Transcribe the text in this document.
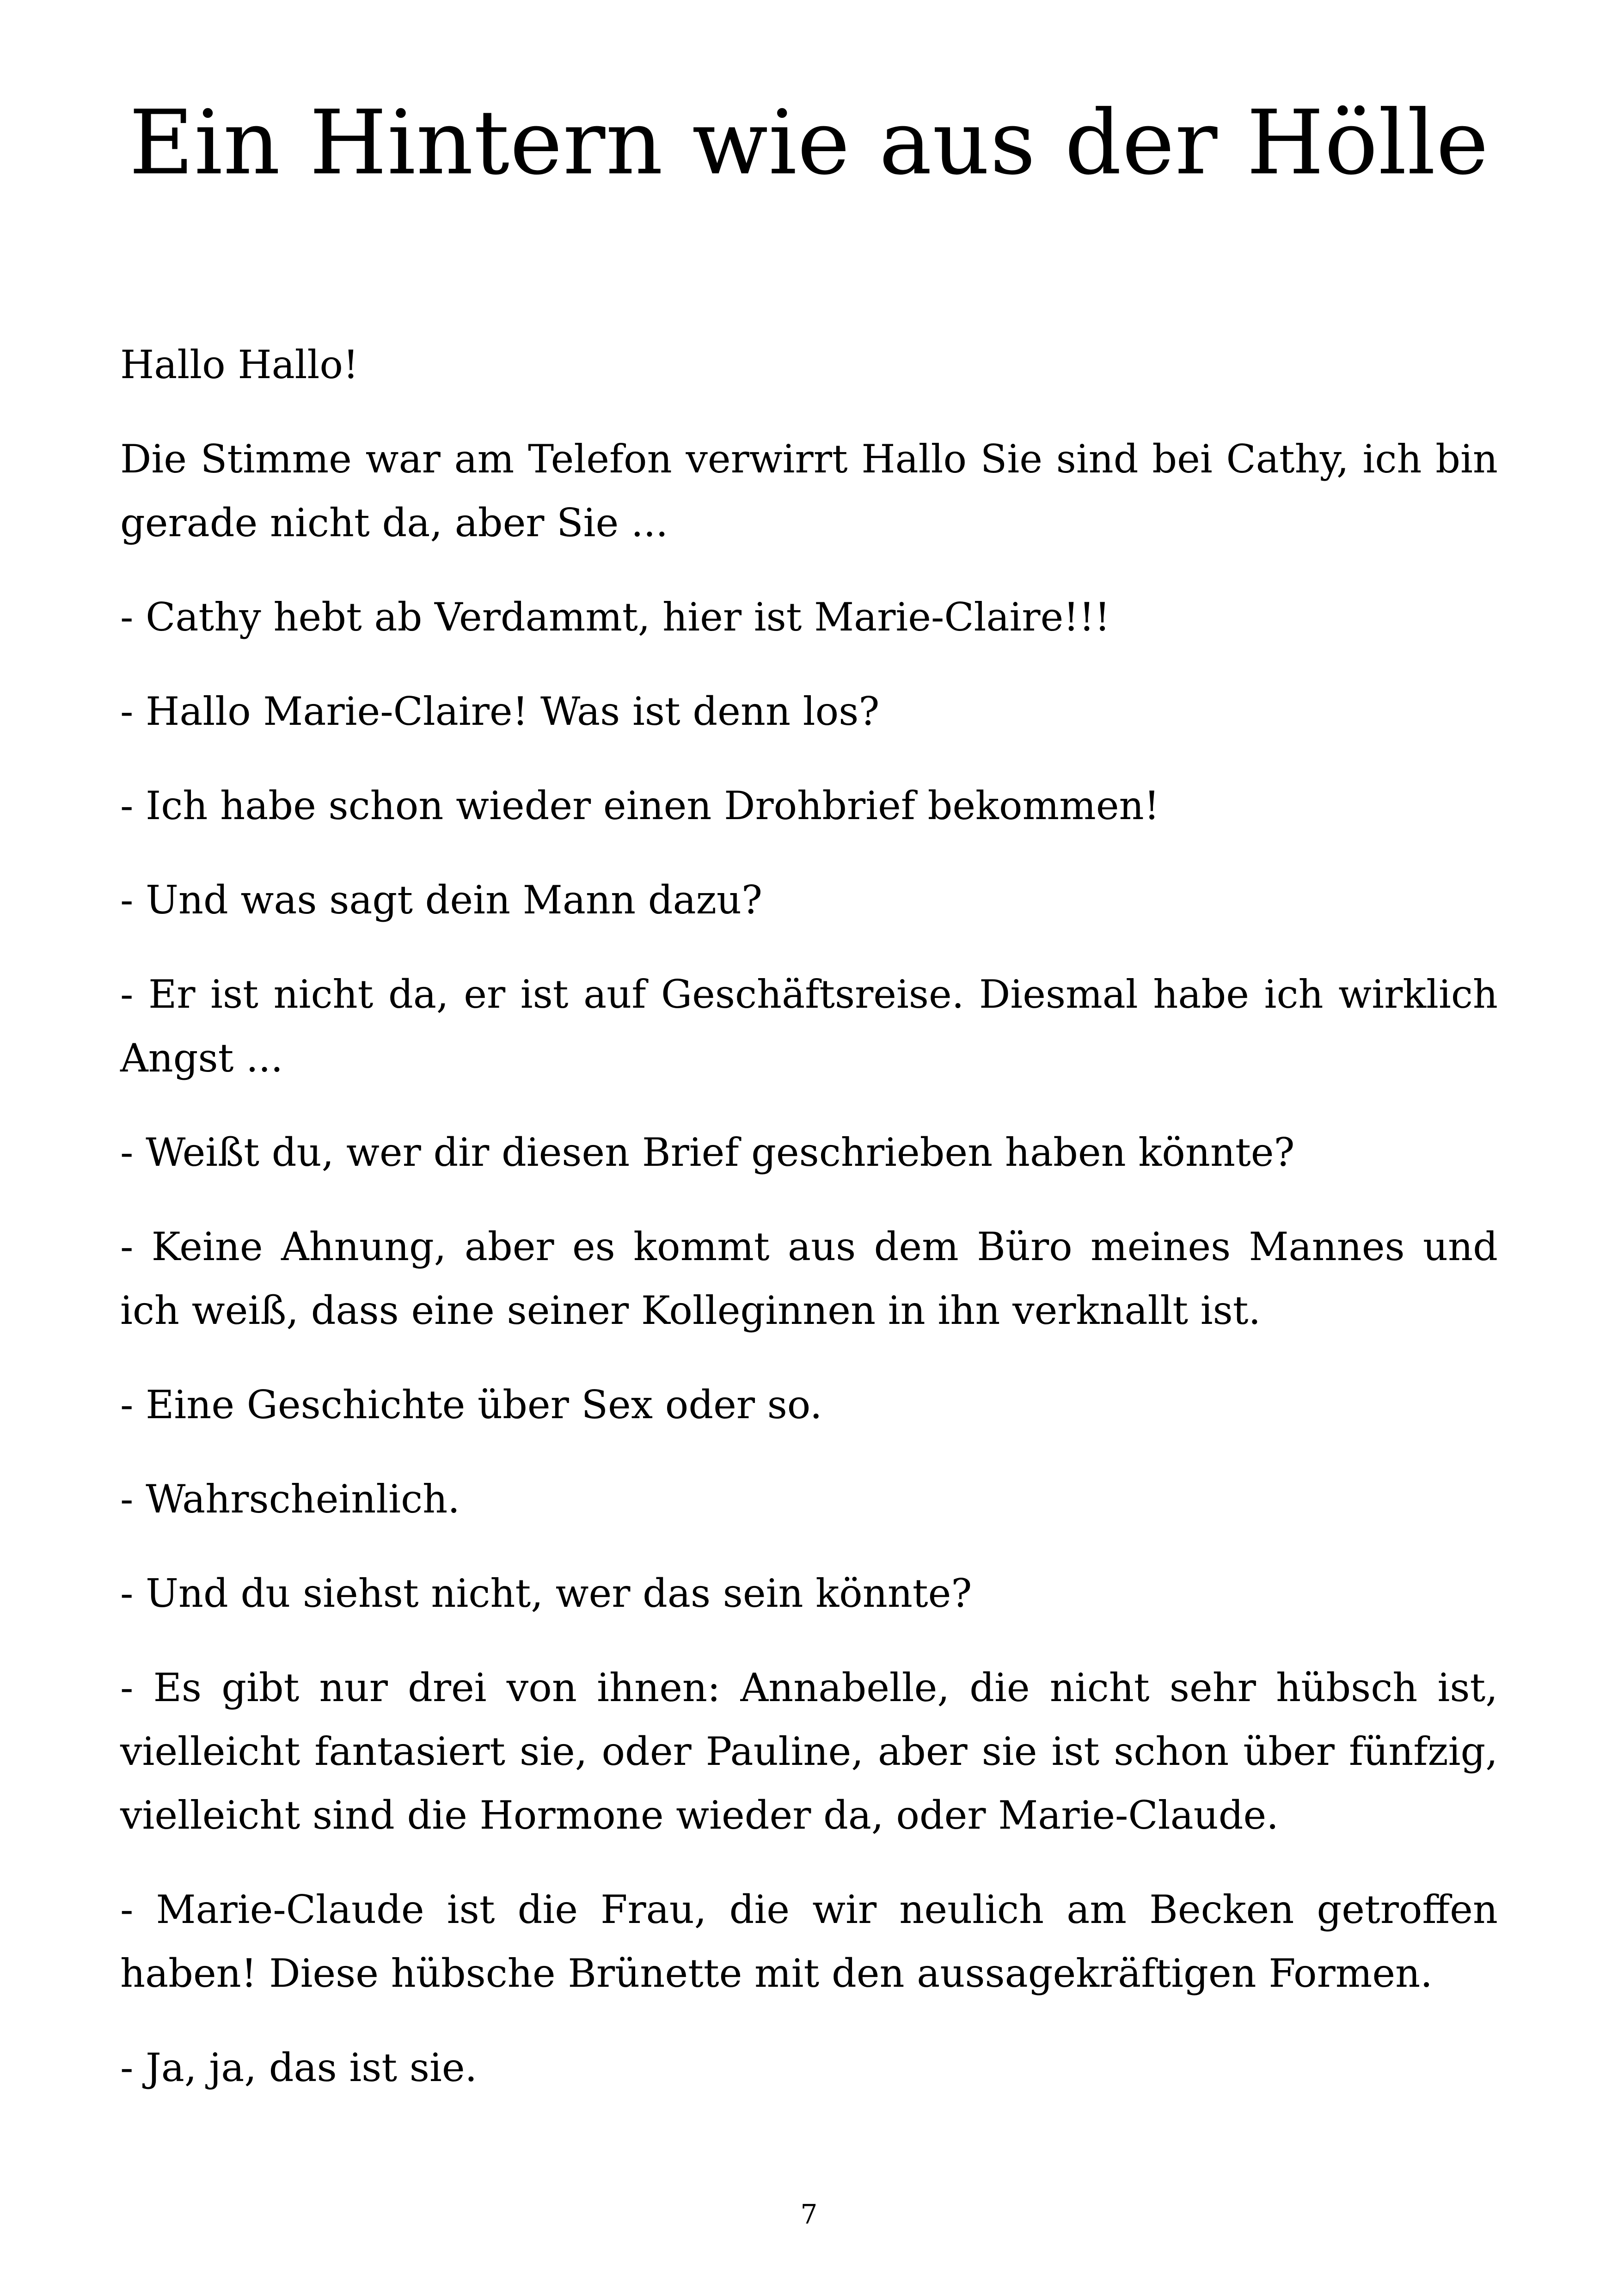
Ein Hintern wie aus der Hölle

Hallo Hallo!

Die Stimme war am Telefon verwirrt Hallo Sie sind bei Cathy, ich bin gerade nicht da, aber Sie ...

- Cathy hebt ab Verdammt, hier ist Marie-Claire!!!

- Hallo Marie-Claire! Was ist denn los?

- Ich habe schon wieder einen Drohbrief bekommen!

- Und was sagt dein Mann dazu?

- Er ist nicht da, er ist auf Geschäftsreise. Diesmal habe ich wirklich Angst ...

- Weißt du, wer dir diesen Brief geschrieben haben könnte?

- Keine Ahnung, aber es kommt aus dem Büro meines Mannes und ich weiß, dass eine seiner Kolleginnen in ihn verknallt ist.

- Eine Geschichte über Sex oder so.

- Wahrscheinlich.

- Und du siehst nicht, wer das sein könnte?

- Es gibt nur drei von ihnen: Annabelle, die nicht sehr hübsch ist, vielleicht fantasiert sie, oder Pauline, aber sie ist schon über fünfzig, vielleicht sind die Hormone wieder da, oder Marie-Claude.

- Marie-Claude ist die Frau, die wir neulich am Becken getroffen haben! Diese hübsche Brünette mit den aussagekräftigen Formen.

- Ja, ja, das ist sie.

7
